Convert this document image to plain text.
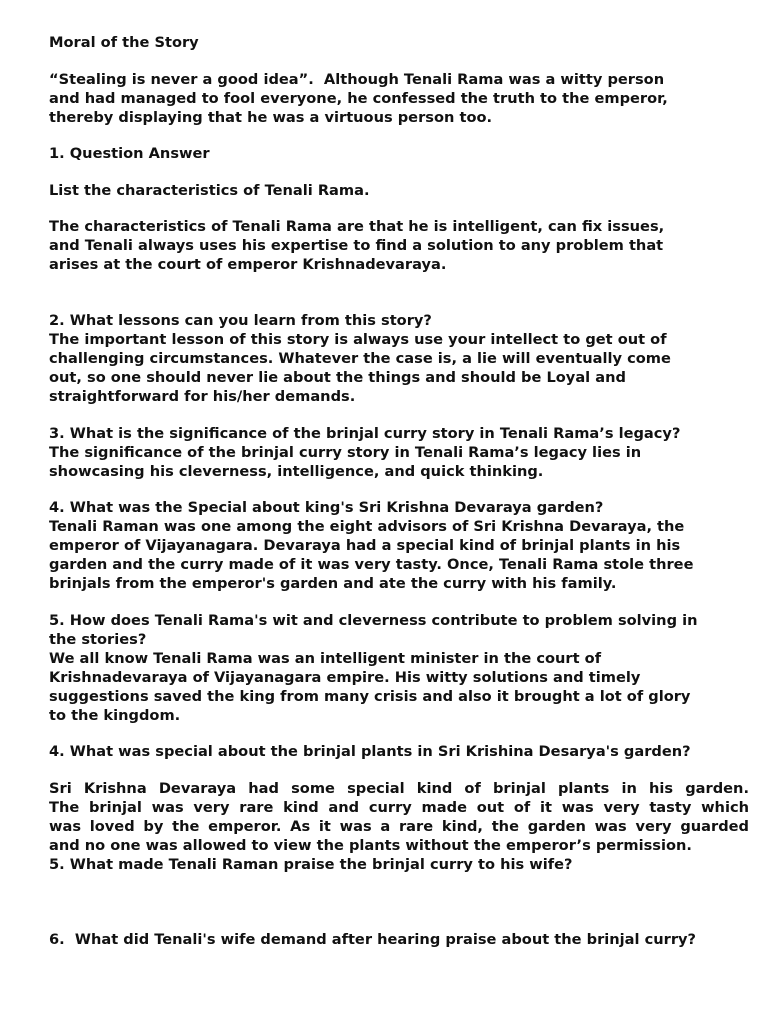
Moral of the Story
“Stealing is never a good idea”.  Although Tenali Rama was a witty person
and had managed to fool everyone, he confessed the truth to the emperor,
thereby displaying that he was a virtuous person too.
1. Question Answer
List the characteristics of Tenali Rama.
The characteristics of Tenali Rama are that he is intelligent, can fix issues,
and Tenali always uses his expertise to find a solution to any problem that
arises at the court of emperor Krishnadevaraya.
2. What lessons can you learn from this story?
The important lesson of this story is always use your intellect to get out of
challenging circumstances. Whatever the case is, a lie will eventually come
out, so one should never lie about the things and should be Loyal and
straightforward for his/her demands.
3. What is the significance of the brinjal curry story in Tenali Rama’s legacy?
The significance of the brinjal curry story in Tenali Rama’s legacy lies in
showcasing his cleverness, intelligence, and quick thinking.
4. What was the Special about king's Sri Krishna Devaraya garden?
Tenali Raman was one among the eight advisors of Sri Krishna Devaraya, the
emperor of Vijayanagara. Devaraya had a special kind of brinjal plants in his
garden and the curry made of it was very tasty. Once, Tenali Rama stole three
brinjals from the emperor's garden and ate the curry with his family.
5. How does Tenali Rama's wit and cleverness contribute to problem solving in
the stories?
We all know Tenali Rama was an intelligent minister in the court of
Krishnadevaraya of Vijayanagara empire. His witty solutions and timely
suggestions saved the king from many crisis and also it brought a lot of glory
to the kingdom.
4. What was special about the brinjal plants in Sri Krishina Desarya's garden?
Sri Krishna Devaraya had some special kind of brinjal plants in his garden.
The brinjal was very rare kind and curry made out of it was very tasty which
was loved by the emperor. As it was a rare kind, the garden was very guarded
and no one was allowed to view the plants without the emperor’s permission.
5. What made Tenali Raman praise the brinjal curry to his wife?
6.  What did Tenali's wife demand after hearing praise about the brinjal curry?
